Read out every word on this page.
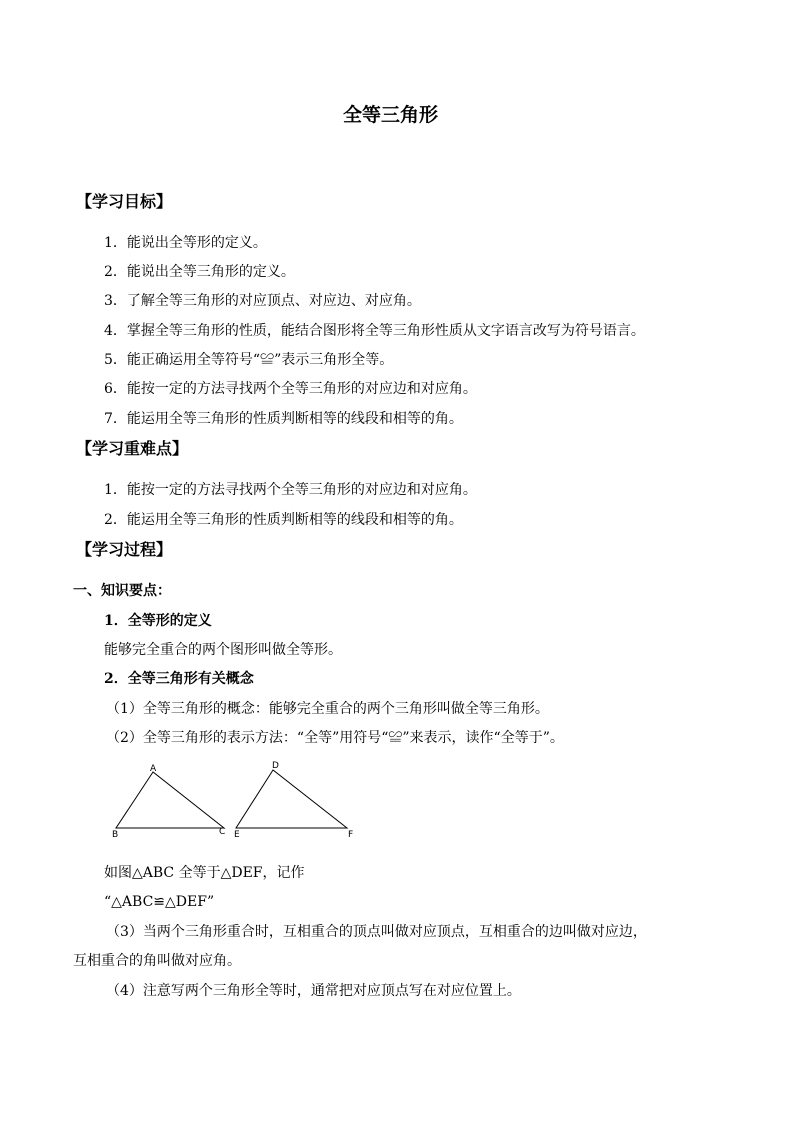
全等三角形
【学习目标】
1．能说出全等形的定义。
2．能说出全等三角形的定义。
3．了解全等三角形的对应顶点、对应边、对应角。
4．掌握全等三角形的性质，能结合图形将全等三角形性质从文字语言改写为符号语言。
5．能正确运用全等符号“≌”表示三角形全等。
6．能按一定的方法寻找两个全等三角形的对应边和对应角。
7．能运用全等三角形的性质判断相等的线段和相等的角。
【学习重难点】
1．能按一定的方法寻找两个全等三角形的对应边和对应角。
2．能运用全等三角形的性质判断相等的线段和相等的角。
【学习过程】
一、知识要点：
1．全等形的定义
能够完全重合的两个图形叫做全等形。
2．全等三角形有关概念
（1）全等三角形的概念：能够完全重合的两个三角形叫做全等三角形。
（2）全等三角形的表示方法：“全等”用符号“≌”来表示，读作“全等于”。
A
B	C
D
E	F
如图△ABC 全等于△DEF，记作
“△ABC≌△DEF”
（3）当两个三角形重合时，互相重合的顶点叫做对应顶点，互相重合的边叫做对应边，
互相重合的角叫做对应角。
（4）注意写两个三角形全等时，通常把对应顶点写在对应位置上。
